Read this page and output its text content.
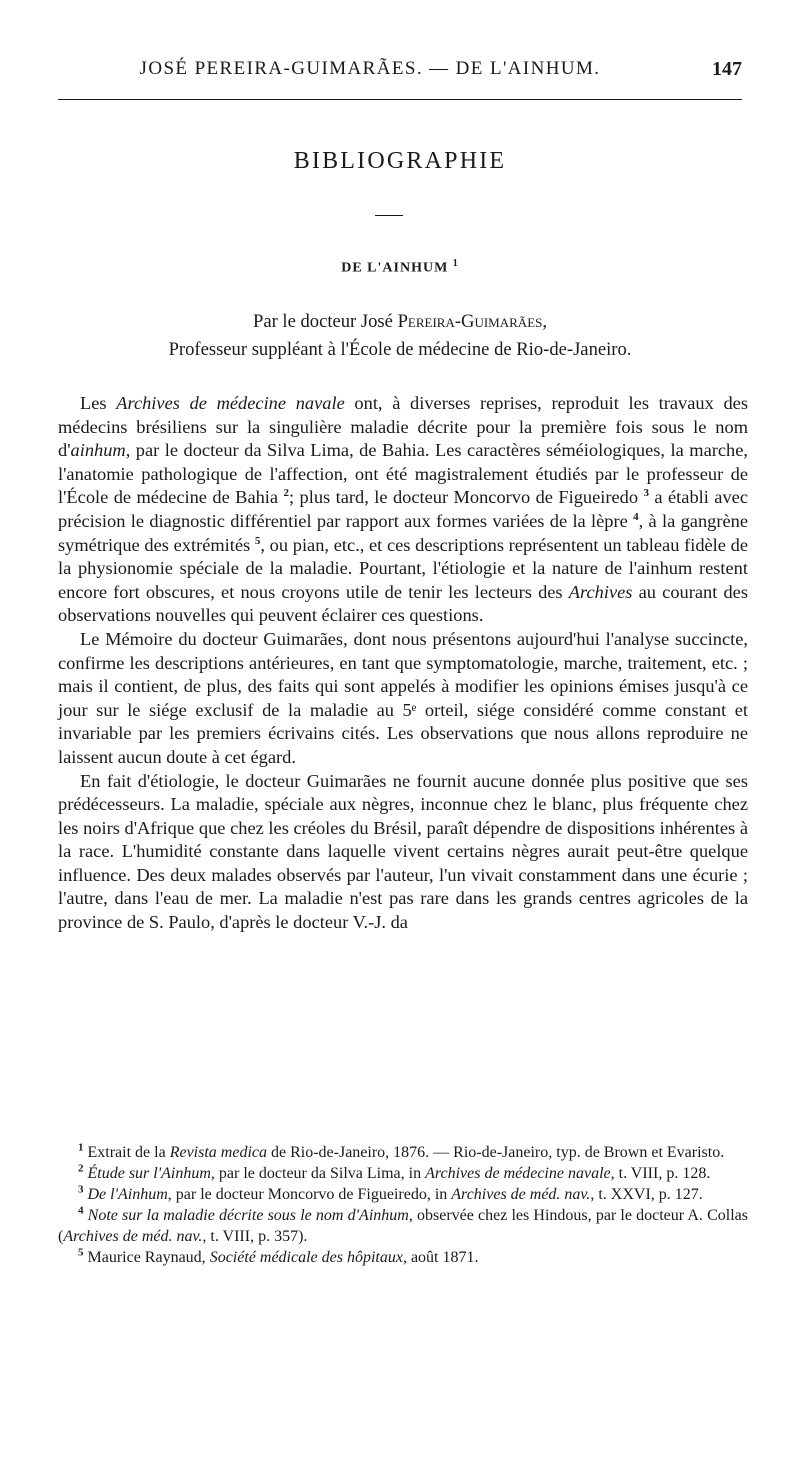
JOSÉ PEREIRA-GUIMARÃES. — DE L'AINHUM.	147
BIBLIOGRAPHIE
DE L'AINHUM $^1$
Par le docteur José Pereira-Guimarães,
Professeur suppléant à l'École de médecine de Rio-de-Janeiro.

Les Archives de médecine navale ont, à diverses reprises, reproduit les travaux des médecins brésiliens sur la singulière maladie décrite pour la première fois sous le nom d'ainhum, par le docteur da Silva Lima, de Bahia. Les caractères séméiologiques, la marche, l'anatomie pathologique de l'affection, ont été magistralement étudiés par le professeur de l'École de médecine de Bahia $^2$; plus tard, le docteur Moncorvo de Figueiredo $^3$ a établi avec précision le diagnostic différentiel par rapport aux formes variées de la lèpre $^4$, à la gangrène symétrique des extrémités $^5$, ou pian, etc., et ces descriptions représentent un tableau fidèle de la physionomie spéciale de la maladie. Pourtant, l'étiologie et la nature de l'ainhum restent encore fort obscures, et nous croyons utile de tenir les lecteurs des Archives au courant des observations nouvelles qui peuvent éclairer ces questions.

Le Mémoire du docteur Guimarães, dont nous présentons aujourd'hui l'analyse succincte, confirme les descriptions antérieures, en tant que symptomatologie, marche, traitement, etc. ; mais il contient, de plus, des faits qui sont appelés à modifier les opinions émises jusqu'à ce jour sur le siége exclusif de la maladie au 5ᵉ orteil, siége considéré comme constant et invariable par les premiers écrivains cités. Les observations que nous allons reproduire ne laissent aucun doute à cet égard.

En fait d'étiologie, le docteur Guimarães ne fournit aucune donnée plus positive que ses prédécesseurs. La maladie, spéciale aux nègres, inconnue chez le blanc, plus fréquente chez les noirs d'Afrique que chez les créoles du Brésil, paraît dépendre de dispositions inhérentes à la race. L'humidité constante dans laquelle vivent certains nègres aurait peut-être quelque influence. Des deux malades observés par l'auteur, l'un vivait constamment dans une écurie ; l'autre, dans l'eau de mer. La maladie n'est pas rare dans les grands centres agricoles de la province de S. Paulo, d'après le docteur V.-J. da

$^1$ Extrait de la Revista medica de Rio-de-Janeiro, 1876. — Rio-de-Janeiro, typ. de Brown et Evaristo.

$^2$ Étude sur l'Ainhum, par le docteur da Silva Lima, in Archives de médecine navale, t. VIII, p. 128.

$^3$ De l'Ainhum, par le docteur Moncorvo de Figueiredo, in Archives de méd. nav., t. XXVI, p. 127.

$^4$ Note sur la maladie décrite sous le nom d'Ainhum, observée chez les Hindous, par le docteur A. Collas (Archives de méd. nav., t. VIII, p. 357).

$^5$ Maurice Raynaud, Société médicale des hôpitaux, août 1871.
